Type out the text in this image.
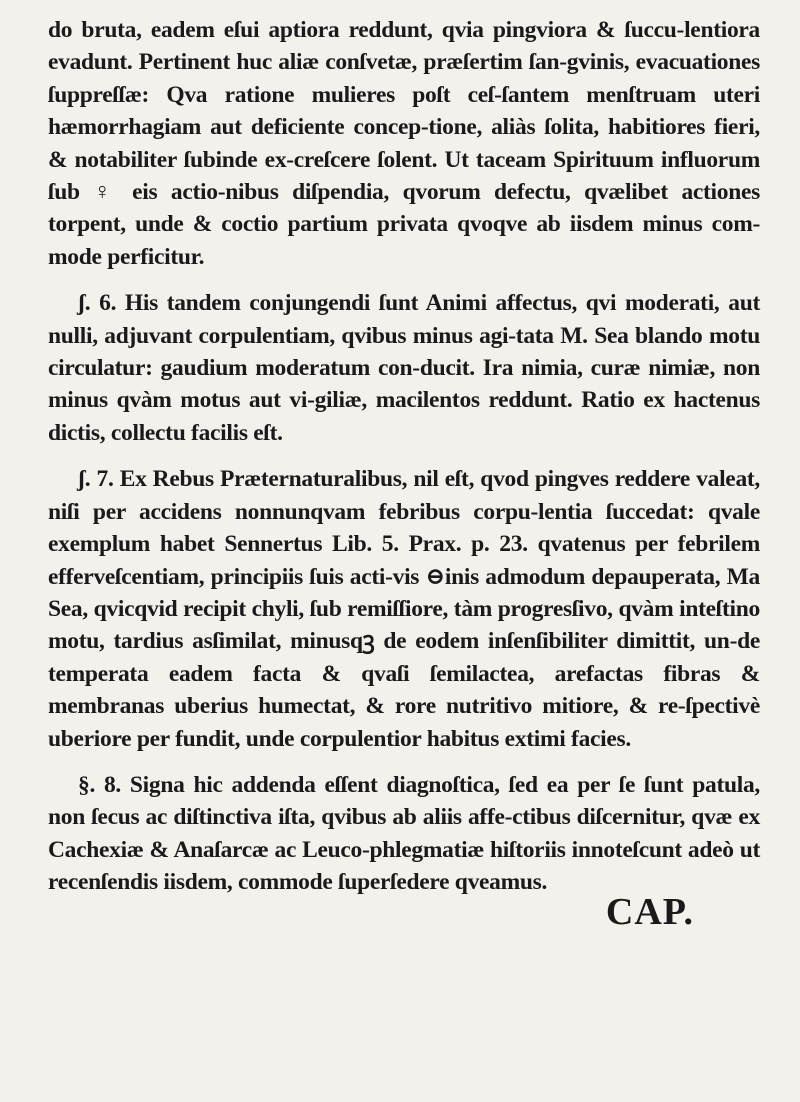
do bruta, eadem eſui aptiora reddunt, qvia pingviora & ſuccu-lentiora evadunt. Pertinent huc aliæ conſvetæ, præſertim ſan-gvinis, evacuationes ſuppreſſæ: Qva ratione mulieres poſt ceſ-ſantem menſtruam uteri hæmorrhagiam aut deficiente concep-tione, aliàs ſolita, habitiores fieri, & notabiliter ſubinde ex-creſcere ſolent. Ut taceam Spirituum influorum ſub ♀ eis actio-nibus diſpendia, qvorum defectu, qvælibet actiones torpent, unde & coctio partium privata qvoqve ab iisdem minus com-mode perficitur.

ʃ. 6. His tandem conjungendi ſunt Animi affectus, qvi moderati, aut nulli, adjuvant corpulentiam, qvibus minus agi-tata M. Sea blando motu circulatur: gaudium moderatum con-ducit. Ira nimia, curæ nimiæ, non minus qvàm motus aut vi-giliæ, macilentos reddunt. Ratio ex hactenus dictis, collectu facilis eſt.

ʃ. 7. Ex Rebus Præternaturalibus, nil eſt, qvod pingves reddere valeat, niſi per accidens nonnunqvam febribus corpu-lentia ſuccedat: qvale exemplum habet Sennertus Lib. 5. Prax. p. 23. qvatenus per febrilem efferveſcentiam, principiis ſuis acti-vis ⊖inis admodum depauperata, Ma Sea, qvicqvid recipit chyli, ſub remiſſiore, tàm progresſivo, qvàm inteſtino motu, tardius asſimilat, minusqꝫ de eodem inſenſibiliter dimittit, un-de temperata eadem facta & qvaſi ſemilactea, arefactas fibras & membranas uberius humectat, & rore nutritivo mitiore, & re-ſpectivè uberiore per fundit, unde corpulentior habitus extimi facies.

§. 8. Signa hic addenda eſſent diagnoſtica, ſed ea per ſe ſunt patula, non ſecus ac diſtinctiva iſta, qvibus ab aliis affe-ctibus diſcernitur, qvæ ex Cachexiæ & Anaſarcæ ac Leuco-phlegmatiæ hiſtoriis innoteſcunt adeò ut recenſendis iisdem, commode ſuperſedere qveamus.

CAP.
